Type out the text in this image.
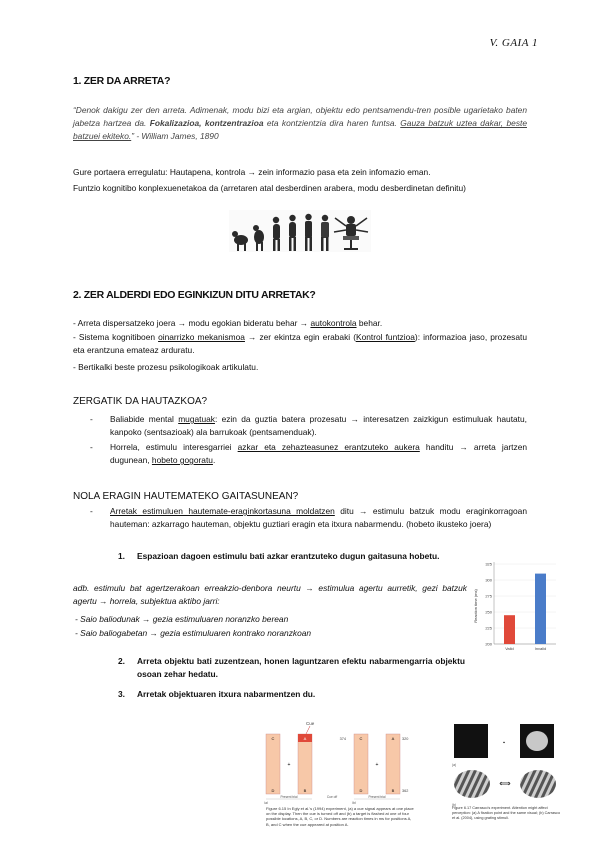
V. GAIA 1
1. ZER DA ARRETA?
“Denok dakigu zer den arreta. Adimenak, modu bizi eta argian, objektu edo pentsamendu-tren posible ugarietako baten jabetza hartzea da. Fokalizazioa, kontzentrazioa eta kontzientzia dira haren funtsa. Gauza batzuk uztea dakar, beste batzuei ekiteko.” - William James, 1890
Gure portaera erregulatu: Hautapena, kontrola → zein informazio pasa eta zein infomazio eman.
Funtzio kognitibo konplexuenetakoa da (arretaren atal desberdinen arabera, modu desberdinetan definitu)
2. ZER ALDERDI EDO EGINKIZUN DITU ARRETAK?
- Arreta dispersatzeko joera → modu egokian bideratu behar → autokontrola behar.
- Sistema kognitiboen oinarrizko mekanismoa → zer ekintza egin erabaki (Kontrol funtzioa): informazioa jaso, prozesatu eta erantzuna emateaz arduratu.
- Bertikalki beste prozesu psikologikoak artikulatu.
ZERGATIK DA HAUTAZKOA?
-	Baliabide mental mugatuak: ezin da guztia batera prozesatu → interesatzen zaizkigun estimuluak hautatu, kanpoko (sentsazioak) ala barrukoak (pentsamenduak).
-	Horrela, estimulu interesgarriei azkar eta zehazteasunez erantzuteko aukera handitu → arreta jartzen dugunean, hobeto gogoratu.
NOLA ERAGIN HAUTEMATEKO GAITASUNEAN?
-	Arretak estimuluen hautemate-eraginkortasuna moldatzen ditu → estimulu batzuk modu eraginkorragoan hauteman: azkarrago hauteman, objektu guztiari eragin eta itxura nabarmendu. (hobeto ikusteko joera)
1. Espazioan dagoen estimulu bati azkar erantzuteko dugun gaitasuna hobetu.
adb. estimulu bat agertzerakoan erreakzio-denbora neurtu → estimulua agertu aurretik, gezi batzuk agertu → horrela, subjektua aktibo jarri:
- Saio baliodunak → gezia estimuluaren noranzko berean
- Saio baliogabetan → gezia estimuluaren kontrako noranzkoan
Reaction time (ms)
325
300
275
250
225
200
Valid	Invalid
2. Arreta objektu bati zuzentzean, honen laguntzaren efektu nabarmengarria objektu osoan zehar hedatu.
3. Arretak objektuaren itxura nabarmentzen du.
Cue
C	A
D	B
C	A
D	B
+	+
374	320
362
Present trial	Cue off	Present trial
(a)	(b)
Figure 6.15 In Egly et al.'s (1994) experiment, (a) a cue signal appears at one place on the display. Then the cue is turned off and (b) a target is flashed at one of four possible locations, A, B, C, or D. Numbers are reaction times in ms for positions A, B, and C when the cue appeared at position A.
▪
(a)
⟺
(b)
Figure 6.17 Carrasco's experiment. Attention might affect perception: (a) A fixation point and the same visual; (b) Carrasco et al. (2004), using grating stimuli.
